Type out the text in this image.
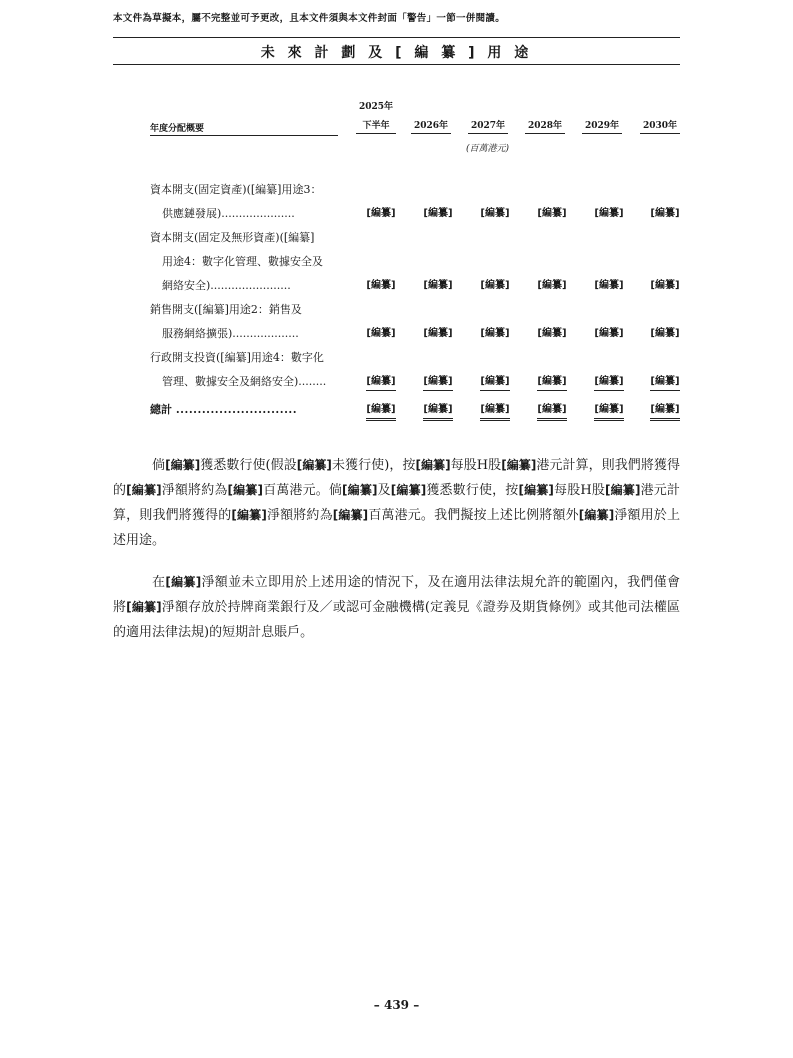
本文件為草擬本，屬不完整並可予更改，且本文件須與本文件封面「警告」一節一併閱讀。
未 來 計 劃 及 [ 編 纂 ] 用 途
年度分配概要
2025年
下半年	2026年	2027年	2028年	2029年	2030年
(百萬港元)
資本開支(固定資產)([編纂]用途3：
供應鏈發展).....................	[編纂]	[編纂]	[編纂]	[編纂]	[編纂]	[編纂]
資本開支(固定及無形資產)([編纂]
用途4：數字化管理、數據安全及
網絡安全).......................	[編纂]	[編纂]	[編纂]	[編纂]	[編纂]	[編纂]
銷售開支([編纂]用途2：銷售及
服務網絡擴張)...................	[編纂]	[編纂]	[編纂]	[編纂]	[編纂]	[編纂]
行政開支投資([編纂]用途4：數字化
管理、數據安全及網絡安全)........	[編纂]	[編纂]	[編纂]	[編纂]	[編纂]	[編纂]
總計 ............................	[編纂]	[編纂]	[編纂]	[編纂]	[編纂]	[編纂]
倘[編纂]獲悉數行使(假設[編纂]未獲行使)，按[編纂]每股H股[編纂]港元計算，則我們將獲得的[編纂]淨額將約為[編纂]百萬港元。倘[編纂]及[編纂]獲悉數行使，按[編纂]每股H股[編纂]港元計算，則我們將獲得的[編纂]淨額將約為[編纂]百萬港元。我們擬按上述比例將額外[編纂]淨額用於上述用途。
在[編纂]淨額並未立即用於上述用途的情況下，及在適用法律法規允許的範圍內，我們僅會將[編纂]淨額存放於持牌商業銀行及／或認可金融機構(定義見《證券及期貨條例》或其他司法權區的適用法律法規)的短期計息賬戶。
– 439 –
